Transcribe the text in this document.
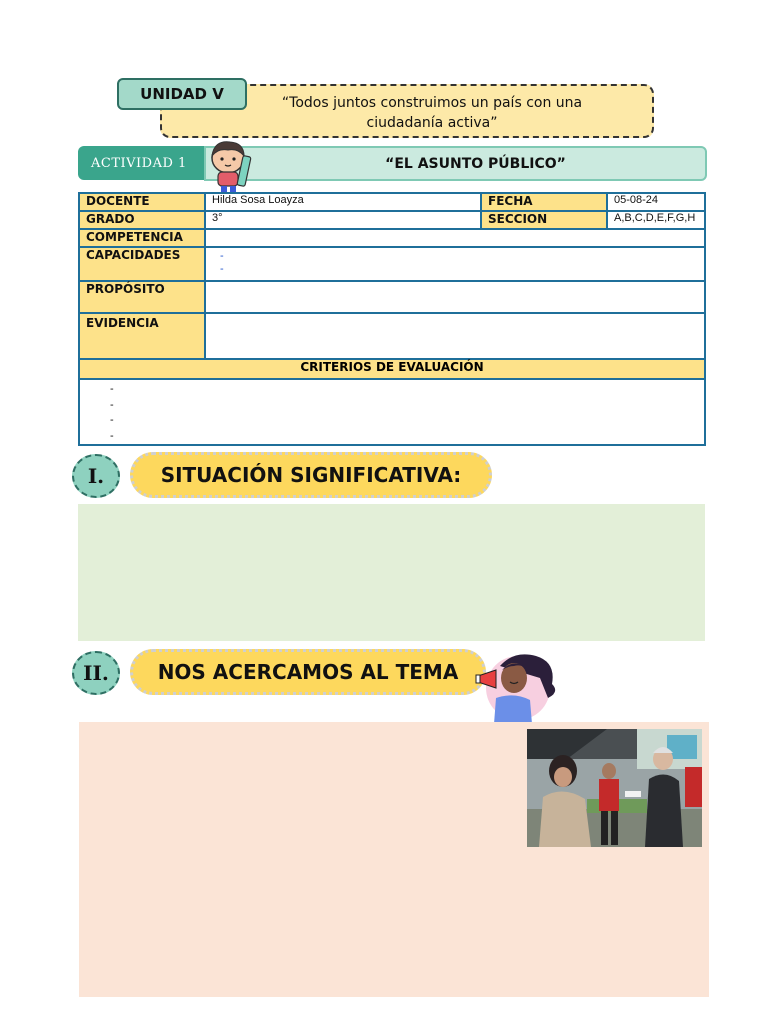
UNIDAD V	“Todos juntos construimos un país con una ciudadanía activa”
ACTIVIDAD 1	“EL ASUNTO PÚBLICO”
DOCENTE	Hilda Sosa Loayza	FECHA	05-08-24
GRADO	3°	SECCION	A,B,C,D,E,F,G,H
COMPETENCIA			
CAPACIDADES	-
-		

PROPÓSITO			
EVIDENCIA			
CRITERIOS DE EVALUACIÓN			

-
-
-
-			
I.	SITUACIÓN SIGNIFICATIVA:
II.	NOS ACERCAMOS AL TEMA
